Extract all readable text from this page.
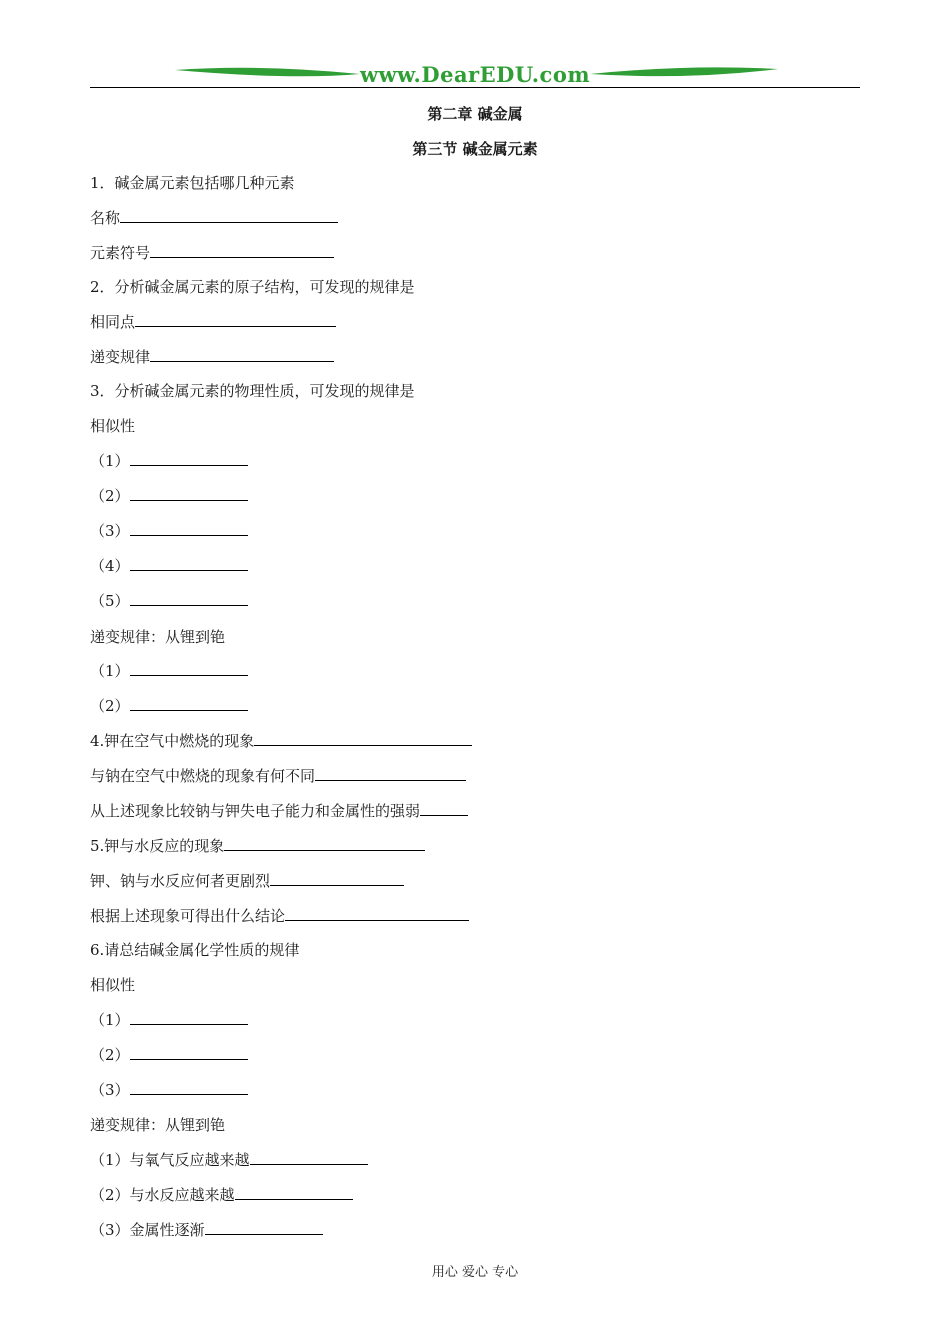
www.DearEDU.com
第二章 碱金属
第三节 碱金属元素
1．碱金属元素包括哪几种元素
名称
元素符号
2．分析碱金属元素的原子结构，可发现的规律是
相同点
递变规律
3．分析碱金属元素的物理性质，可发现的规律是
相似性
（1）
（2）
（3）
（4）
（5）
递变规律：从锂到铯
（1）
（2）
4.钾在空气中燃烧的现象
与钠在空气中燃烧的现象有何不同
从上述现象比较钠与钾失电子能力和金属性的强弱
5.钾与水反应的现象
钾、钠与水反应何者更剧烈
根据上述现象可得出什么结论
6.请总结碱金属化学性质的规律
相似性
（1）
（2）
（3）
递变规律：从锂到铯
（1）与氧气反应越来越
（2）与水反应越来越
（3）金属性逐渐
用心 爱心 专心
